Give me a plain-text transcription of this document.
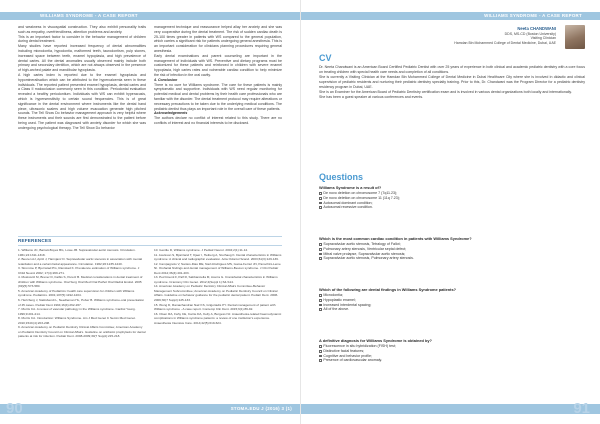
WILLIAMS SYNDROME - A CASE REPORT

and weakness in visuospatial construction. They also exhibit personality traits such as empathy, overfriendliness, attention problems and anxiety.

This is an important factor to consider in the behavior management of children during dental treatment.

Many studies have reported increased frequency of dental abnormalities including microdontia, hypodontia, malformed teeth, taurodontism, pulp stones, increased space between teeth, enamel hypoplasia, and high prevalence of dental caries. All the dental anomalies usually observed mainly include both primary and secondary dentition, which are not always observed in the presence of high-arched palate and mandibular hypoplasia.

A high caries index is reported due to the enamel hypoplasia and hypomineralisation which can be attributed to the hypercalcemia seen in these individuals. The reported patient presented enamel hypoplasia, dental caries and a Class II malocclusion commonly seen in this condition. Periodontal evaluation revealed a healthy periodontium. Individuals with WS can exhibit hyperacusis, which is hypersensitivity to certain sound frequencies. This is of great significance in the dental environment where instruments like the dental hand piece, ultrasonic scalers and high volume evacuation generate high pitched sounds. The Tell Show Do behavior management approach is very helpful where these instruments and their sounds are first demonstrated to the patient before being used. The patient was diagnosed with anxiety disorder for which she was undergoing psychological therapy. The Tell Show Do behavior

management technique and reassurance helped allay her anxiety and she was very cooperative during the dental treatment. The risk of sudden cardiac death is 25-100 times greater in patients with WS compared to the general population, which carries a significant risk for patients undergoing general anesthesia. This is an important consideration for clinicians planning procedures requiring general anesthesia.

Early dental examinations and parent counseling are important in the management of individuals with WS. Preventive and dietary programs must be customized for these patients and reinforced in children with severe enamel hypoplasia, high caries rates and vulnerable cardiac condition to help minimize the risk of infection in the oral cavity.

4. Conclusion

There is no cure for Williams syndrome. The care for these patients is mainly symptomatic and supportive. Individuals with WS need regular monitoring for potential medical and dental problems by their health care professionals who are familiar with the disorder. The dental treatment protocol may require alterations or necessary precautions to be taken due to the underlying medical conditions. The pediatric dentist thus plays an important role in the overall care of these patients.

Acknowledgements

The authors declare no conflict of interest related to this study. There are no conflicts of interest and no financial interests to be disclosed.

REFERENCES
1. Williams JC, Barratt-Boyes BG, Lowe JB. Supravalvular aortic stenosis. Circulation. 1961;24:1311-1318.
2. Beuren AJ, Apitz J, Harmjanz D. Supravalvular aortic stenosis in association with mental retardation and a certain facial appearance. Circulation. 1962;26:1235-1240.
3. Stromme P, Bjornstad PG, Ramstad K. Prevalence estimation of Williams syndrome. J Child Neurol 2002; 17(4):269-271.
4. Moskovitz M, Brener D, Faibis S, Peretz B. Medical considerations in dental treatment of children with Williams syndrome. Oral Surg Oral Med Oral Pathol Oral Radiol Endod. 2005 (99)(5):573-580.
5. American Academy of Pediatrics: health care supervision for children with Williams syndrome. Pediatrics. 2001;107(5):1192-1204.
6. Hertzberg J, Nakisbendi L, Needleman HL, Pober B. Williams syndrome-oral presentation of 45 cases. Pediatr Dent 1994;16(4):262-267.
7. Morris CA. A review of vascular pathology in the Williams syndrome. Cardiol Young. 1999;9:201-214.
8. Morris CA. Introduction: Williams Syndrome. Am J Med Genet C Semin Med Genet. 2010;154C(4):203-208.
9. American Academy on Pediatric Dentistry Clinical Affairs Committee; American Academy on Pediatric Dentistry Council on Clinical Affairs. Guideline on antibiotic prophylaxis for dental patients at risk for infection. Pediatr Dent. 2008-2009;30(7 Suppl):215-218.
10. Gentile D, Williams syndrome. J Pediatr Neurol. 2004;2(1):11-14.
11. Axelsson S, Bjornland T, Kjaer I, Heiberg A, Storhaug K. Dental characteristics in Williams syndrome: A clinical and radiographic evaluation. Acta Odontol Scand. 2003;61(3):129-136.
12. Campagnolo V, Santos-Dias ME, Nazi-Rodrigues MS, Gama-Ferraz JN, Panochini-Leme NI. Orofacial findings and dental management of Williams-Beuren syndrome. J Clin Pediatr Dent 2012;36(4):401-403.
13. Pezzimenti F, Palf R, Sabbarotella M, Acerra G. Craniofacial characteristics in Williams syndrome. Craniomy Clin Genet. 2012;4(Suppl 1):S4-S14.
14. American Academy on Pediatric Dentistry Clinical Affairs Committee-Behavior Management Subcommittee; American Academy on Pediatric Dentistry Council on Clinical Affairs. Guideline on behavior guidance for the pediatric dental patient. Pediatr Dent. 2008-2009;30(7 Suppl):125-133.
15. Wong D, Ramachandran Nair KS, Grigoriadis PY. Dental management of patient with Williams syndrome - A case report. Contemp Clin Dent. 2015;6(1):89-92.
16. Olsen RA, Fahy CE, Carrie DA, Kelly A, Burgess NJ. Anaesthesia-related haemodynamic complications in Williams syndrome patients: a review of one institution's experience. Anaesthesia Intensive Care. 2014;42(5):619-624.
STOMA.EDU J (2016) 3 (1)
90
WILLIAMS SYNDROME - A CASE REPORT
Neeta CHANDWANI
DDS, MS-CD (Boston University)
Visiting Clinician
Hamdan Bin Mohammed College of Dental Medicine, Dubai, UAE
CV

Dr. Neeta Chandwani is an American Board Certified Pediatric Dentist with over 25 years of experience in both clinical and academic pediatric dentistry with a core focus on treating children with special health care needs and completion of all conditions.

She is currently a Visiting Clinician at the Hamdan Bin Mohammed College of Dental Medicine in Dubai Healthcare City where she is involved in didactic and clinical supervision of pediatric residents and nurturing their pediatric dentistry specialty training. Prior to this, Dr. Chandwani was the Program Director for a pediatric dentistry residency program in Dubai, UAE.

She is an Examiner for the American Board of Pediatric Dentistry certification exam and is involved in various dental organizations both locally and internationally.

She has been a guest speaker at various conferences and events.

Questions
Williams Syndrome is a result of?
De novo deletion on chromosome 7 (7q11.23);
De novo deletion on chromosome 11 (11q 7.23);
Autosomal dominant condition;
Autosomal recessive condition.
Which is the most common cardiac condition in patients with Williams Syndrome?
Supravalvular aortic stenosis, Tetralogy of Fallot;
Pulmonary artery stenosis, Ventricular septal defect;
Mitral valve prolapse, Supravalvular aortic stenosis;
Supravalvular aortic stenosis, Pulmonary artery stenosis.
Which of the following are dental findings in Williams Syndrome patients?
Microdontia;
Hypoplastic enamel;
Increased interdental spacing;
All of the above.
A definitive diagnosis for Williams Syndrome is obtained by?
Fluorescence in situ hybridization (FISH) test;
Distinctive facial features;
Cognitive and behavior profile;
Presence of cardiovascular anomaly.
91
